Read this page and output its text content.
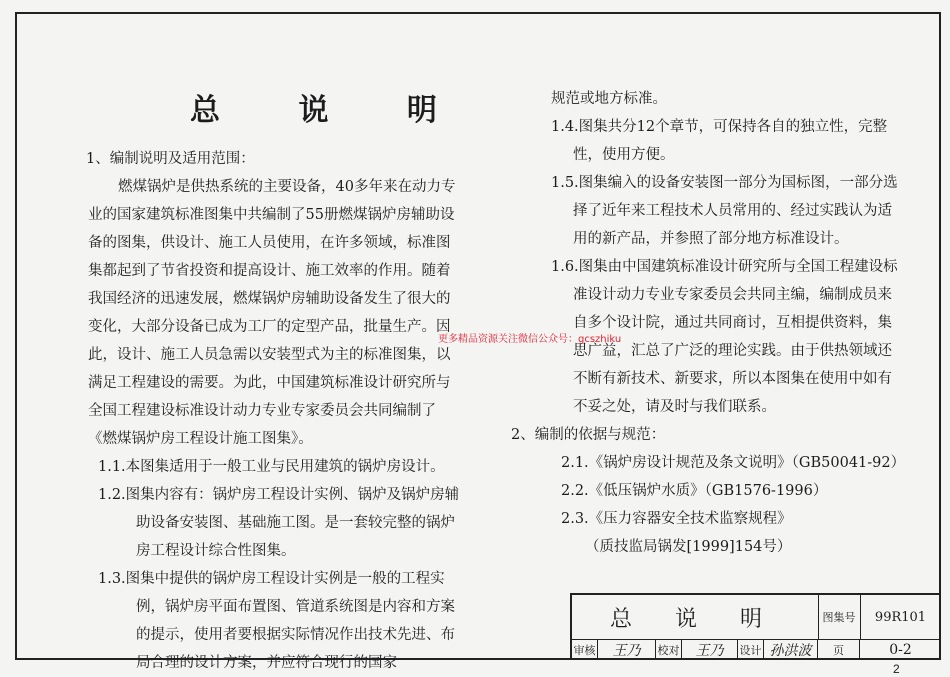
总 说 明

1、编制说明及适用范围：

燃煤锅炉是供热系统的主要设备，40多年来在动力专业的国家建筑标准图集中共编制了55册燃煤锅炉房辅助设备的图集，供设计、施工人员使用，在许多领域，标准图集都起到了节省投资和提高设计、施工效率的作用。随着我国经济的迅速发展，燃煤锅炉房辅助设备发生了很大的变化，大部分设备已成为工厂的定型产品，批量生产。因此，设计、施工人员急需以安装型式为主的标准图集，以满足工程建设的需要。为此，中国建筑标准设计研究所与全国工程建设标准设计动力专业专家委员会共同编制了《燃煤锅炉房工程设计施工图集》。

1.1.本图集适用于一般工业与民用建筑的锅炉房设计。

1.2.图集内容有：锅炉房工程设计实例、锅炉及锅炉房辅助设备安装图、基础施工图。是一套较完整的锅炉房工程设计综合性图集。

1.3.图集中提供的锅炉房工程设计实例是一般的工程实例，锅炉房平面布置图、管道系统图是内容和方案的提示，使用者要根据实际情况作出技术先进、布局合理的设计方案，并应符合现行的国家

规范或地方标准。

1.4.图集共分12个章节，可保持各自的独立性，完整性，使用方便。

1.5.图集编入的设备安装图一部分为国标图，一部分选择了近年来工程技术人员常用的、经过实践认为适用的新产品，并参照了部分地方标准设计。

1.6.图集由中国建筑标准设计研究所与全国工程建设标准设计动力专业专家委员会共同主编，编制成员来自多个设计院，通过共同商讨，互相提供资料，集思广益，汇总了广泛的理论实践。由于供热领域还不断有新技术、新要求，所以本图集在使用中如有不妥之处，请及时与我们联系。

2、编制的依据与规范：

2.1.《锅炉房设计规范及条文说明》（GB50041-92）

2.2.《低压锅炉水质》（GB1576-1996）

2.3.《压力容器安全技术监察规程》

（质技监局锅发[1999]154号）

更多精品资源关注微信公众号：gcszhiku
总 说 明	图集号	99R101
审核	王乃	校对	王乃	设计 孙洪波	页	0-2
2
